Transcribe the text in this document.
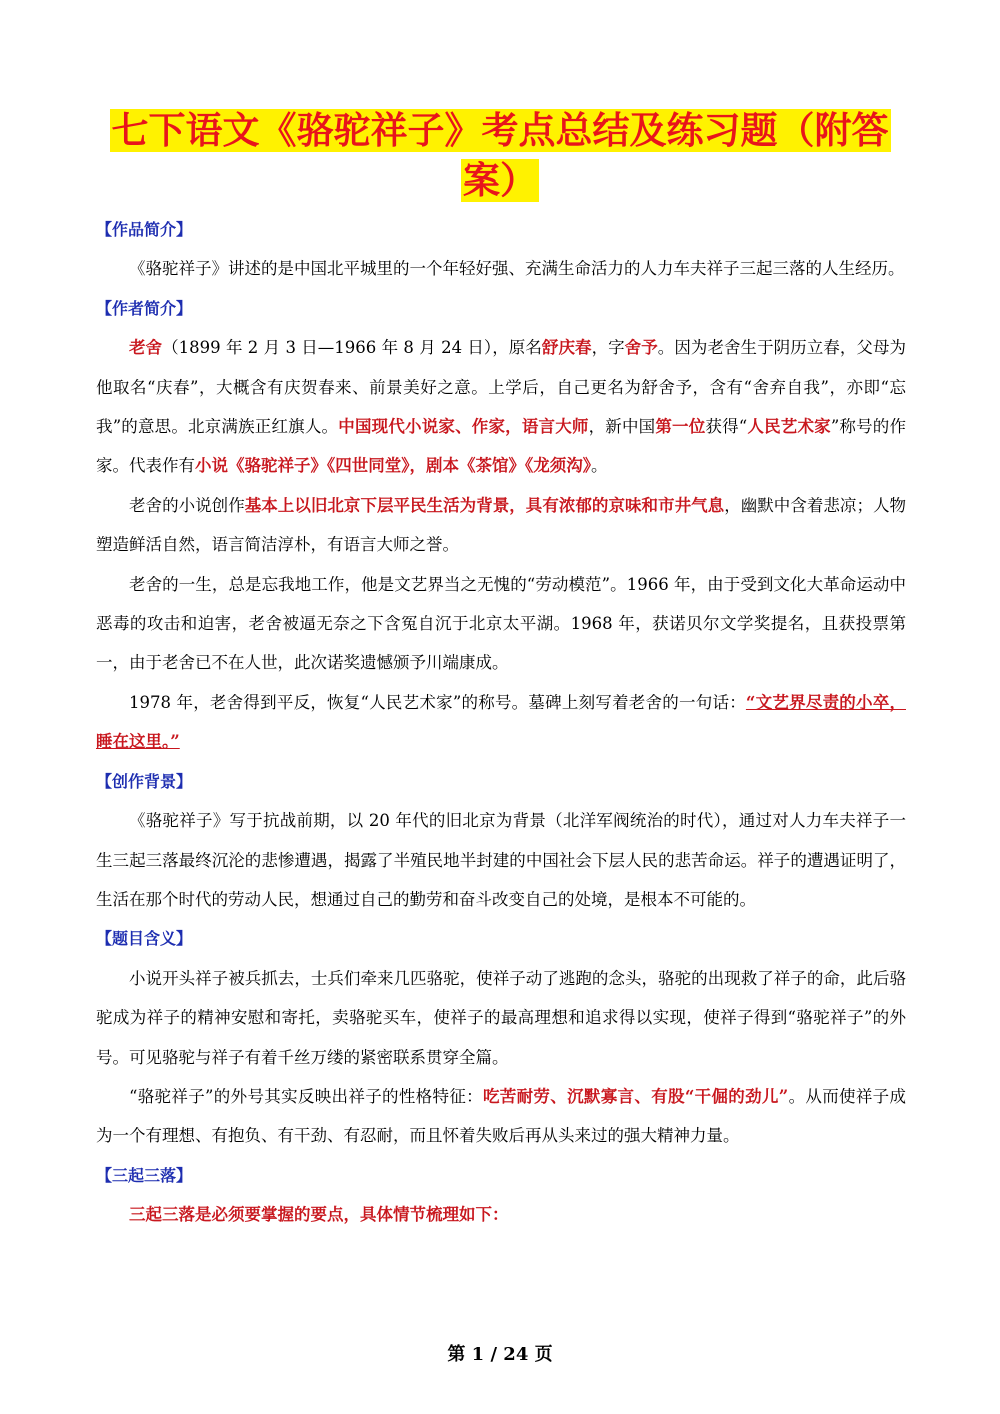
七下语文《骆驼祥子》考点总结及练习题（附答
案）
【作品简介】

《骆驼祥子》讲述的是中国北平城里的一个年轻好强、充满生命活力的人力车夫祥子三起三落的人生经历。

【作者简介】

老舍（1899 年 2 月 3 日—1966 年 8 月 24 日），原名舒庆春，字舍予。因为老舍生于阴历立春，父母为他取名“庆春”，大概含有庆贺春来、前景美好之意。上学后，自己更名为舒舍予，含有“舍弃自我”，亦即“忘我”的意思。北京满族正红旗人。中国现代小说家、作家，语言大师，新中国第一位获得“人民艺术家”称号的作家。代表作有小说《骆驼祥子》《四世同堂》，剧本《茶馆》《龙须沟》。

老舍的小说创作基本上以旧北京下层平民生活为背景，具有浓郁的京味和市井气息，幽默中含着悲凉；人物塑造鲜活自然，语言简洁淳朴，有语言大师之誉。

老舍的一生，总是忘我地工作，他是文艺界当之无愧的“劳动模范”。1966 年，由于受到文化大革命运动中恶毒的攻击和迫害，老舍被逼无奈之下含冤自沉于北京太平湖。1968 年，获诺贝尔文学奖提名，且获投票第一，由于老舍已不在人世，此次诺奖遗憾颁予川端康成。

1978 年，老舍得到平反，恢复“人民艺术家”的称号。墓碑上刻写着老舍的一句话：“文艺界尽责的小卒，睡在这里。”

【创作背景】

《骆驼祥子》写于抗战前期，以 20 年代的旧北京为背景（北洋军阀统治的时代），通过对人力车夫祥子一生三起三落最终沉沦的悲惨遭遇，揭露了半殖民地半封建的中国社会下层人民的悲苦命运。祥子的遭遇证明了，生活在那个时代的劳动人民，想通过自己的勤劳和奋斗改变自己的处境，是根本不可能的。

【题目含义】

小说开头祥子被兵抓去，士兵们牵来几匹骆驼，使祥子动了逃跑的念头，骆驼的出现救了祥子的命，此后骆驼成为祥子的精神安慰和寄托，卖骆驼买车，使祥子的最高理想和追求得以实现，使祥子得到“骆驼祥子”的外号。可见骆驼与祥子有着千丝万缕的紧密联系贯穿全篇。

“骆驼祥子”的外号其实反映出祥子的性格特征：吃苦耐劳、沉默寡言、有股“干倔的劲儿”。从而使祥子成为一个有理想、有抱负、有干劲、有忍耐，而且怀着失败后再从头来过的强大精神力量。

【三起三落】

三起三落是必须要掌握的要点，具体情节梳理如下：

第 1 / 24 页
